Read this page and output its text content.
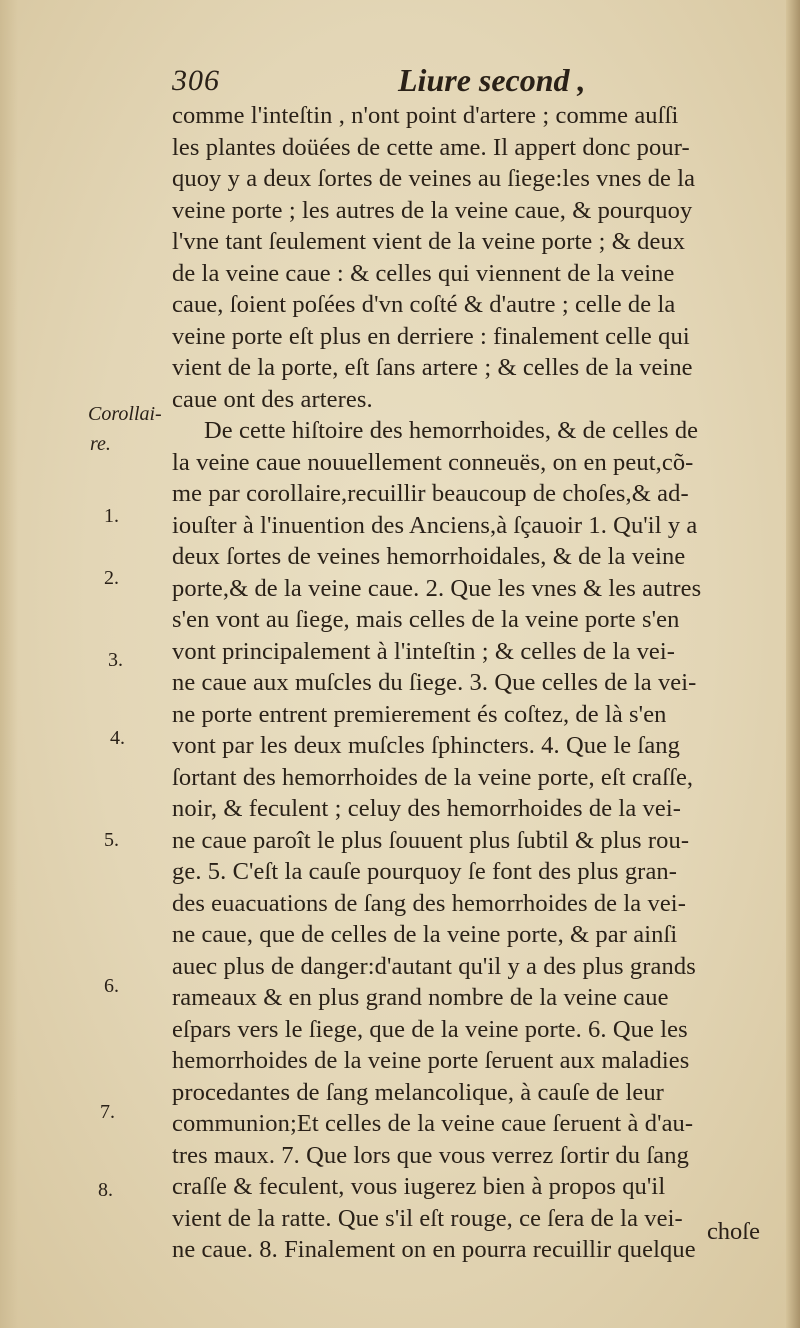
306	Liure second ,
comme l'inteſtin , n'ont point d'artere ; comme auſſi
les plantes doüées de cette ame. Il appert donc pour-
quoy y a deux ſortes de veines au ſiege:les vnes de la
veine porte ; les autres de la veine caue, & pourquoy
l'vne tant ſeulement vient de la veine porte ; & deux
de la veine caue : & celles qui viennent de la veine
caue, ſoient poſées d'vn coſté & d'autre ; celle de la
veine porte eſt plus en derriere : finalement celle qui
vient de la porte, eſt ſans artere ; & celles de la veine
caue ont des arteres.
De cette hiſtoire des hemorrhoides, & de celles de
la veine caue nouuellement conneuës, on en peut,cõ-
me par corollaire,recuillir beaucoup de choſes,& ad-
iouſter à l'inuention des Anciens,à ſçauoir 1. Qu'il y a
deux ſortes de veines hemorrhoidales, & de la veine
porte,& de la veine caue. 2. Que les vnes & les autres
s'en vont au ſiege, mais celles de la veine porte s'en
vont principalement à l'inteſtin ; & celles de la vei-
ne caue aux muſcles du ſiege. 3. Que celles de la vei-
ne porte entrent premierement és coſtez, de là s'en
vont par les deux muſcles ſphincters. 4. Que le ſang
ſortant des hemorrhoides de la veine porte, eſt craſſe,
noir, & feculent ; celuy des hemorrhoides de la vei-
ne caue paroît le plus ſouuent plus ſubtil & plus rou-
ge. 5. C'eſt la cauſe pourquoy ſe font des plus gran-
des euacuations de ſang des hemorrhoides de la vei-
ne caue, que de celles de la veine porte, & par ainſi
auec plus de danger:d'autant qu'il y a des plus grands
rameaux & en plus grand nombre de la veine caue
eſpars vers le ſiege, que de la veine porte. 6. Que les
hemorrhoides de la veine porte ſeruent aux maladies
procedantes de ſang melancolique, à cauſe de leur
communion;Et celles de la veine caue ſeruent à d'au-
tres maux. 7. Que lors que vous verrez ſortir du ſang
craſſe & feculent, vous iugerez bien à propos qu'il
vient de la ratte. Que s'il eſt rouge, ce ſera de la vei-
ne caue. 8. Finalement on en pourra recuillir quelque
choſe
Corollai-
re.
1.
2.
3.
4.
5.
6.
7.
8.
